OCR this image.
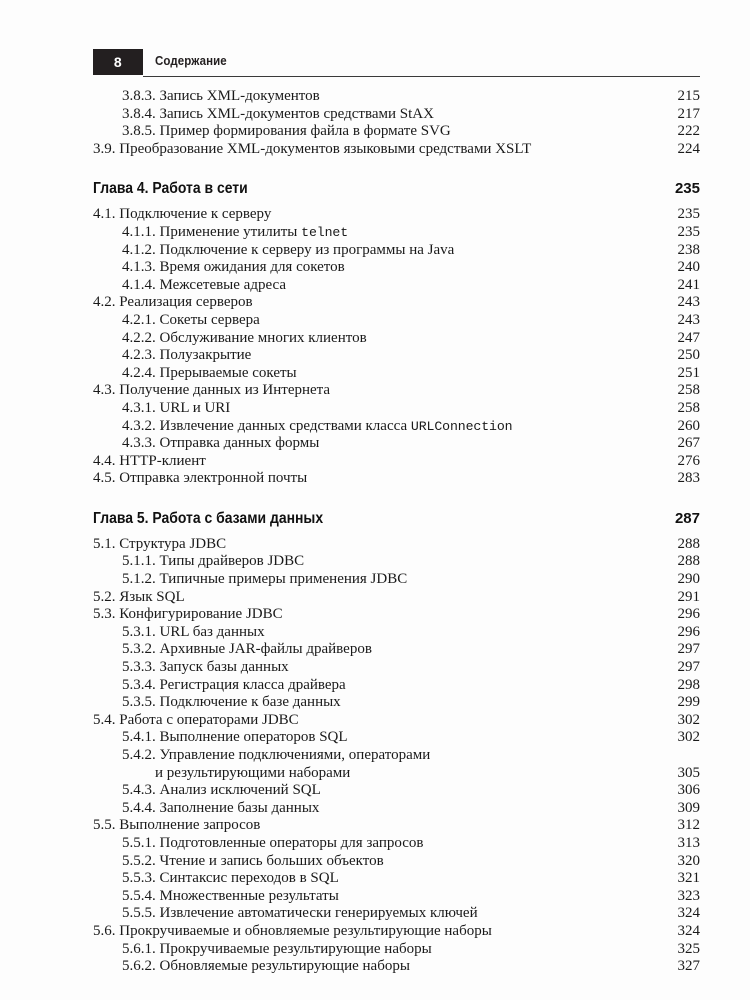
8	Содержание
3.8.3. Запись XML-документов	215
3.8.4. Запись XML-документов средствами StAX	217
3.8.5. Пример формирования файла в формате SVG	222
3.9. Преобразование XML-документов языковыми средствами XSLT	224
Глава 4. Работа в сети	235
4.1. Подключение к серверу	235
4.1.1. Применение утилиты telnet	235
4.1.2. Подключение к серверу из программы на Java	238
4.1.3. Время ожидания для сокетов	240
4.1.4. Межсетевые адреса	241
4.2. Реализация серверов	243
4.2.1. Сокеты сервера	243
4.2.2. Обслуживание многих клиентов	247
4.2.3. Полузакрытие	250
4.2.4. Прерываемые сокеты	251
4.3. Получение данных из Интернета	258
4.3.1. URL и URI	258
4.3.2. Извлечение данных средствами класса URLConnection	260
4.3.3. Отправка данных формы	267
4.4. HTTP-клиент	276
4.5. Отправка электронной почты	283
Глава 5. Работа с базами данных	287
5.1. Структура JDBC	288
5.1.1. Типы драйверов JDBC	288
5.1.2. Типичные примеры применения JDBC	290
5.2. Язык SQL	291
5.3. Конфигурирование JDBC	296
5.3.1. URL баз данных	296
5.3.2. Архивные JAR-файлы драйверов	297
5.3.3. Запуск базы данных	297
5.3.4. Регистрация класса драйвера	298
5.3.5. Подключение к базе данных	299
5.4. Работа с операторами JDBC	302
5.4.1. Выполнение операторов SQL	302
5.4.2. Управление подключениями, операторами
и результирующими наборами	305
5.4.3. Анализ исключений SQL	306
5.4.4. Заполнение базы данных	309
5.5. Выполнение запросов	312
5.5.1. Подготовленные операторы для запросов	313
5.5.2. Чтение и запись больших объектов	320
5.5.3. Синтаксис переходов в SQL	321
5.5.4. Множественные результаты	323
5.5.5. Извлечение автоматически генерируемых ключей	324
5.6. Прокручиваемые и обновляемые результирующие наборы	324
5.6.1. Прокручиваемые результирующие наборы	325
5.6.2. Обновляемые результирующие наборы	327
